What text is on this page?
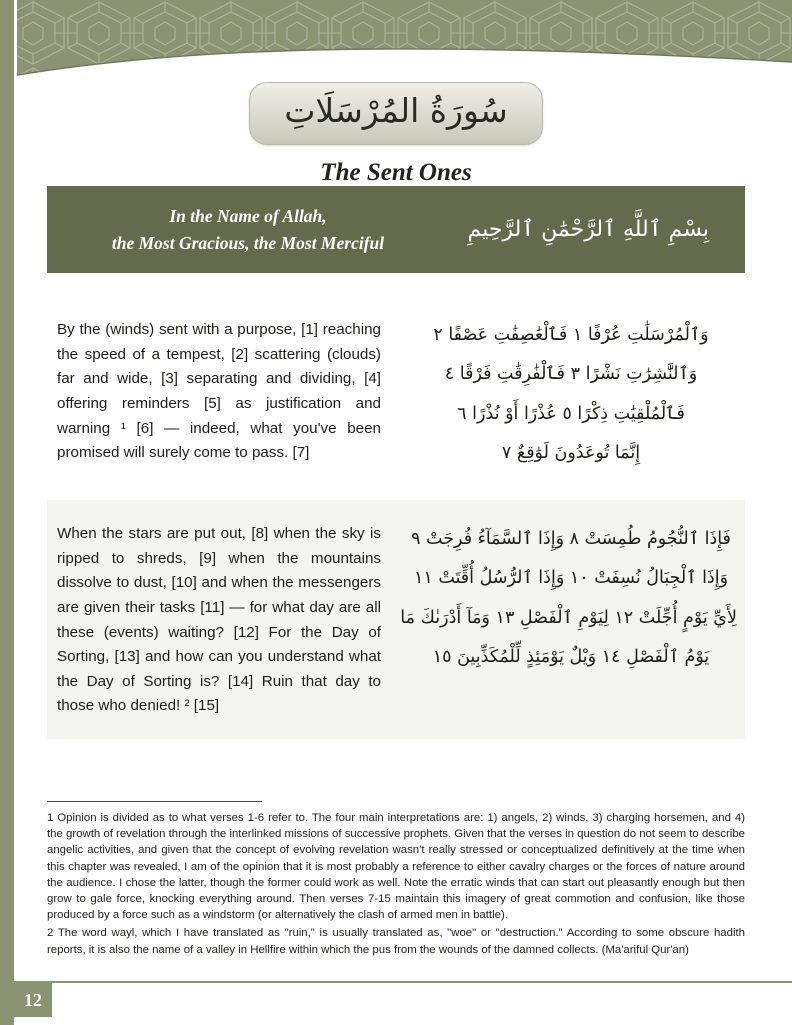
سُورَةُ المُرْسَلَاتِ
The Sent Ones
In the Name of Allah,
the Most Gracious, the Most Merciful
بِسْمِ ٱللَّهِ ٱلرَّحْمَٰنِ ٱلرَّحِيمِ
By the (winds) sent with a purpose, [1] reaching the speed of a tempest, [2] scattering (clouds) far and wide, [3] separating and dividing, [4] offering reminders [5] as justification and warning ¹ [6] — indeed, what you've been promised will surely come to pass. [7]
وَٱلْمُرْسَلَٰتِ عُرْفًا ١ فَٱلْعَٰصِفَٰتِ عَصْفًا ٢
وَٱلنَّٰشِرَٰتِ نَشْرًا ٣ فَٱلْفَٰرِقَٰتِ فَرْقًا ٤
فَٱلْمُلْقِيَٰتِ ذِكْرًا ٥ عُذْرًا أَوْ نُذْرًا ٦
إِنَّمَا تُوعَدُونَ لَوَٰقِعٌ ٧
When the stars are put out, [8] when the sky is ripped to shreds, [9] when the mountains dissolve to dust, [10] and when the messengers are given their tasks [11] — for what day are all these (events) waiting? [12] For the Day of Sorting, [13] and how can you understand what the Day of Sorting is? [14] Ruin that day to those who denied! ² [15]
فَإِذَا ٱلنُّجُومُ طُمِسَتْ ٨ وَإِذَا ٱلسَّمَآءُ فُرِجَتْ ٩
وَإِذَا ٱلْجِبَالُ نُسِفَتْ ١٠ وَإِذَا ٱلرُّسُلُ أُقِّتَتْ ١١
لِأَيِّ يَوْمٍ أُجِّلَتْ ١٢ لِيَوْمِ ٱلْفَصْلِ ١٣ وَمَآ أَدْرَىٰكَ مَا
يَوْمُ ٱلْفَصْلِ ١٤ وَيْلٌ يَوْمَئِذٍ لِّلْمُكَذِّبِينَ ١٥

1 Opinion is divided as to what verses 1-6 refer to. The four main interpretations are: 1) angels, 2) winds, 3) charging horsemen, and 4) the growth of revelation through the interlinked missions of successive prophets. Given that the verses in question do not seem to describe angelic activities, and given that the concept of evolving revelation wasn't really stressed or conceptualized definitively at the time when this chapter was revealed, I am of the opinion that it is most probably a reference to either cavalry charges or the forces of nature around the audience. I chose the latter, though the former could work as well. Note the erratic winds that can start out pleasantly enough but then grow to gale force, knocking everything around. Then verses 7-15 maintain this imagery of great commotion and confusion, like those produced by a force such as a windstorm (or alternatively the clash of armed men in battle).

2 The word wayl, which I have translated as "ruin," is usually translated as, "woe" or "destruction." According to some obscure hadith reports, it is also the name of a valley in Hellfire within which the pus from the wounds of the damned collects. (Ma'ariful Qur'an)

12
